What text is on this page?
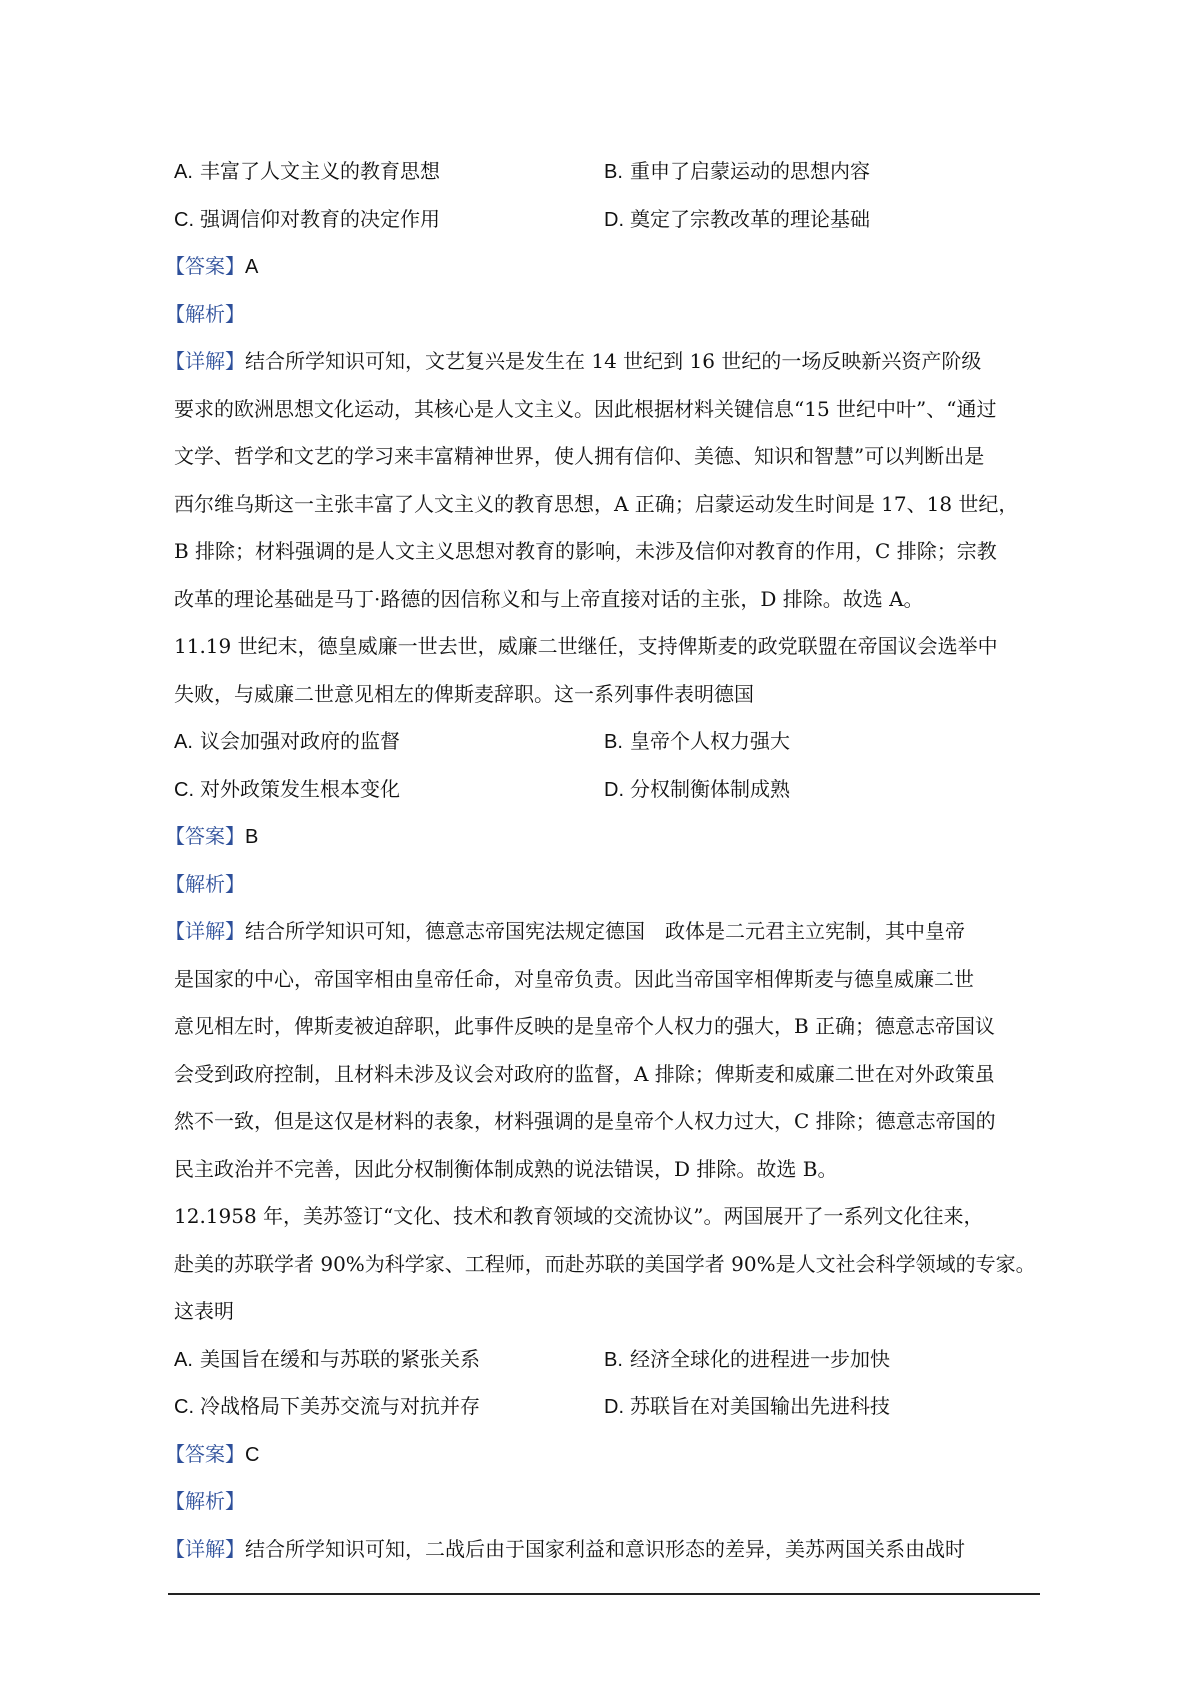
A. 丰富了人文主义的教育思想	B. 重申了启蒙运动的思想内容
C. 强调信仰对教育的决定作用	D. 奠定了宗教改革的理论基础
【答案】A
【解析】
【详解】结合所学知识可知，文艺复兴是发生在 14 世纪到 16 世纪的一场反映新兴资产阶级
要求的欧洲思想文化运动，其核心是人文主义。因此根据材料关键信息“15 世纪中叶”、“通过
文学、哲学和文艺的学习来丰富精神世界，使人拥有信仰、美德、知识和智慧”可以判断出是
西尔维乌斯这一主张丰富了人文主义的教育思想，A 正确；启蒙运动发生时间是 17、18 世纪，
B 排除；材料强调的是人文主义思想对教育的影响，未涉及信仰对教育的作用，C 排除；宗教
改革的理论基础是马丁·路德的因信称义和与上帝直接对话的主张，D 排除。故选 A。
11.19 世纪末，德皇威廉一世去世，威廉二世继任，支持俾斯麦的政党联盟在帝国议会选举中
失败，与威廉二世意见相左的俾斯麦辞职。这一系列事件表明德国
A. 议会加强对政府的监督	B. 皇帝个人权力强大
C. 对外政策发生根本变化	D. 分权制衡体制成熟
【答案】B
【解析】
【详解】结合所学知识可知，德意志帝国宪法规定德国　政体是二元君主立宪制，其中皇帝
是国家的中心，帝国宰相由皇帝任命，对皇帝负责。因此当帝国宰相俾斯麦与德皇威廉二世
意见相左时，俾斯麦被迫辞职，此事件反映的是皇帝个人权力的强大，B 正确；德意志帝国议
会受到政府控制，且材料未涉及议会对政府的监督，A 排除；俾斯麦和威廉二世在对外政策虽
然不一致，但是这仅是材料的表象，材料强调的是皇帝个人权力过大，C 排除；德意志帝国的
民主政治并不完善，因此分权制衡体制成熟的说法错误，D 排除。故选 B。
12.1958 年，美苏签订“文化、技术和教育领域的交流协议”。两国展开了一系列文化往来，
赴美的苏联学者 90%为科学家、工程师，而赴苏联的美国学者 90%是人文社会科学领域的专家。
这表明
A. 美国旨在缓和与苏联的紧张关系	B. 经济全球化的进程进一步加快
C. 冷战格局下美苏交流与对抗并存	D. 苏联旨在对美国输出先进科技
【答案】C
【解析】
【详解】结合所学知识可知，二战后由于国家利益和意识形态的差异，美苏两国关系由战时
